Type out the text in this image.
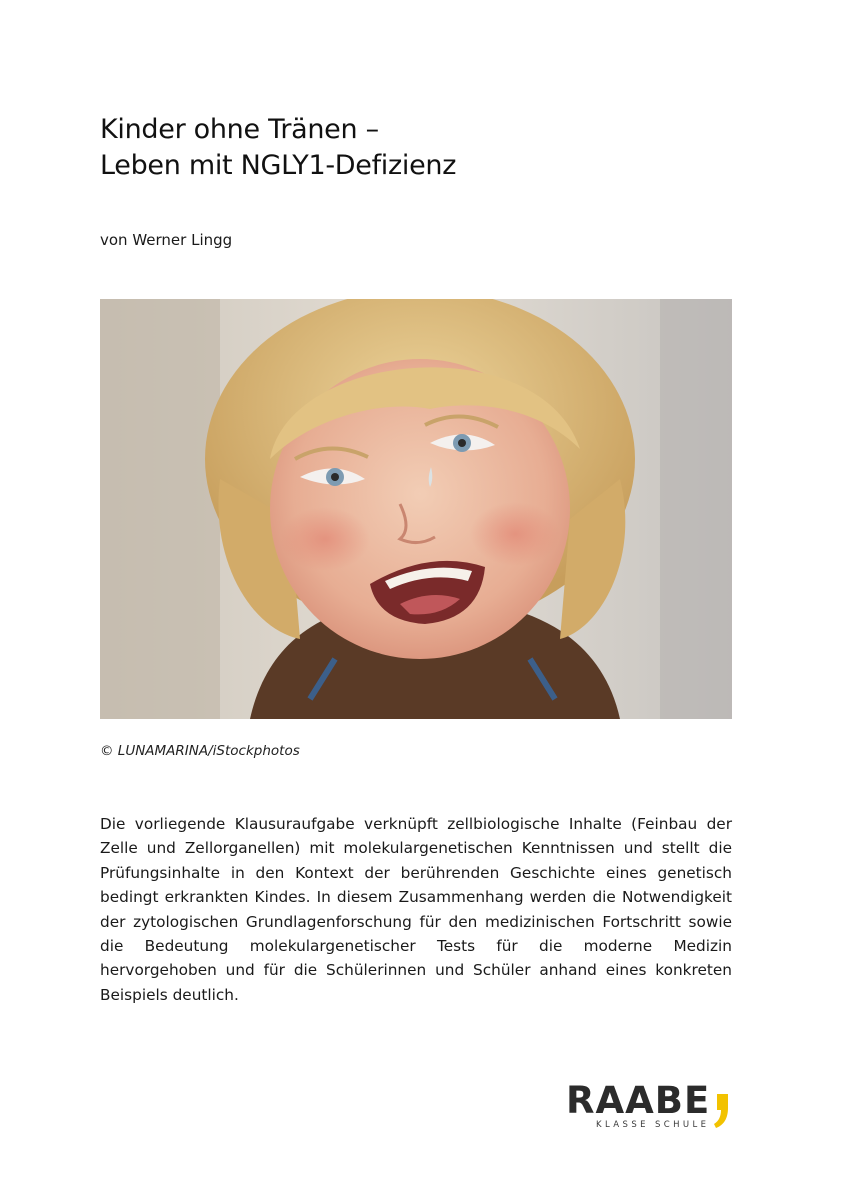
Kinder ohne Tränen –
Leben mit NGLY1-Defizienz
von Werner Lingg
© LUNAMARINA/iStockphotos

Die vorliegende Klausuraufgabe verknüpft zellbiologische Inhalte (Feinbau der Zelle und Zellorganellen) mit molekulargenetischen Kenntnissen und stellt die Prüfungsinhalte in den Kontext der berührenden Geschichte eines genetisch bedingt erkrankten Kindes. In diesem Zusammenhang werden die Notwendigkeit der zytologischen Grundlagenforschung für den medizinischen Fortschritt sowie die Bedeutung molekulargenetischer Tests für die moderne Medizin hervorgehoben und für die Schülerinnen und Schüler anhand eines konkreten Beispiels deutlich.

RAABE
KLASSE SCHULE
